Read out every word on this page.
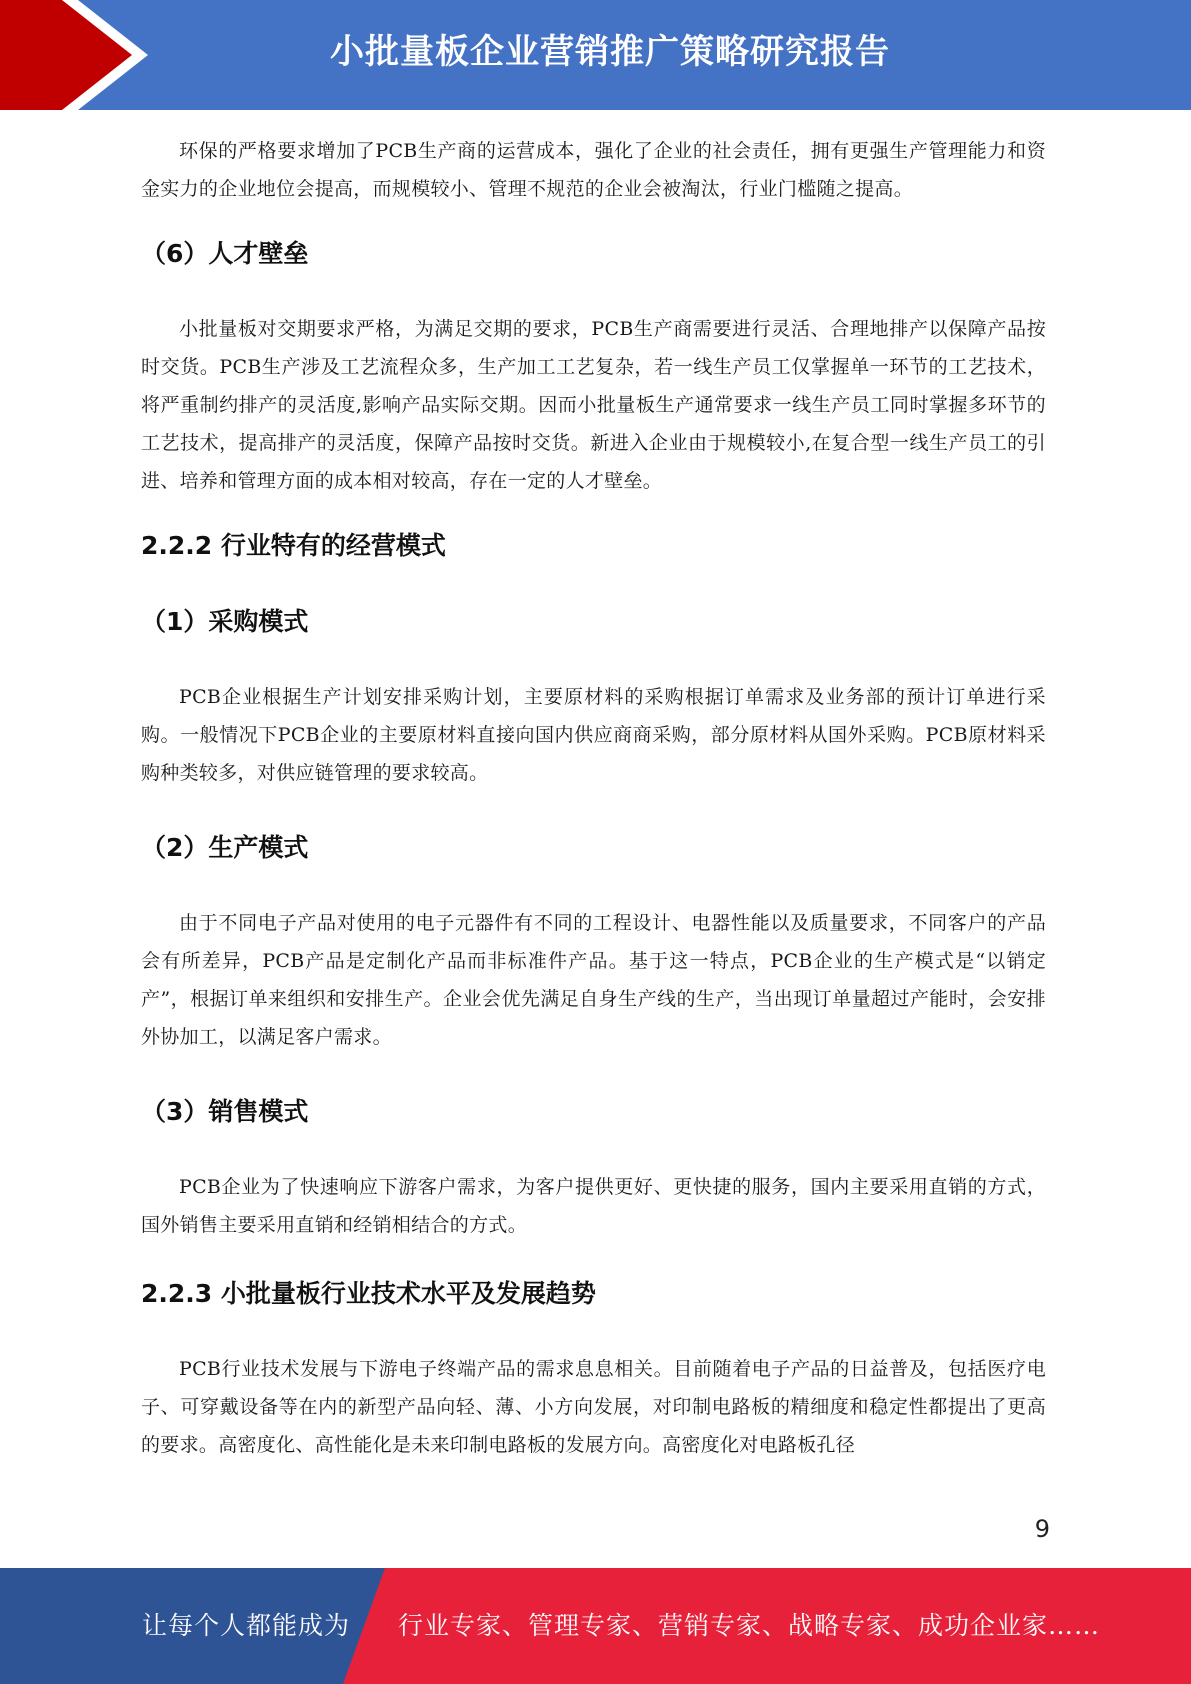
小批量板企业营销推广策略研究报告

环保的严格要求增加了PCB生产商的运营成本，强化了企业的社会责任，拥有更强生产管理能力和资金实力的企业地位会提高，而规模较小、管理不规范的企业会被淘汰，行业门槛随之提高。

（6）人才壁垒

小批量板对交期要求严格，为满足交期的要求，PCB生产商需要进行灵活、合理地排产以保障产品按时交货。PCB生产涉及工艺流程众多，生产加工工艺复杂，若一线生产员工仅掌握单一环节的工艺技术，将严重制约排产的灵活度,影响产品实际交期。因而小批量板生产通常要求一线生产员工同时掌握多环节的工艺技术，提高排产的灵活度，保障产品按时交货。新进入企业由于规模较小,在复合型一线生产员工的引进、培养和管理方面的成本相对较高，存在一定的人才壁垒。

2.2.2 行业特有的经营模式
（1）采购模式

PCB企业根据生产计划安排采购计划，主要原材料的采购根据订单需求及业务部的预计订单进行采购。一般情况下PCB企业的主要原材料直接向国内供应商商采购，部分原材料从国外采购。PCB原材料采购种类较多，对供应链管理的要求较高。

（2）生产模式

由于不同电子产品对使用的电子元器件有不同的工程设计、电器性能以及质量要求，不同客户的产品会有所差异，PCB产品是定制化产品而非标准件产品。基于这一特点，PCB企业的生产模式是“以销定产”，根据订单来组织和安排生产。企业会优先满足自身生产线的生产，当出现订单量超过产能时，会安排外协加工，以满足客户需求。

（3）销售模式

PCB企业为了快速响应下游客户需求，为客户提供更好、更快捷的服务，国内主要采用直销的方式，国外销售主要采用直销和经销相结合的方式。

2.2.3 小批量板行业技术水平及发展趋势

PCB行业技术发展与下游电子终端产品的需求息息相关。目前随着电子产品的日益普及，包括医疗电子、可穿戴设备等在内的新型产品向轻、薄、小方向发展，对印制电路板的精细度和稳定性都提出了更高的要求。高密度化、高性能化是未来印制电路板的发展方向。高密度化对电路板孔径

9
让每个人都能成为 行业专家、管理专家、营销专家、战略专家、成功企业家……
